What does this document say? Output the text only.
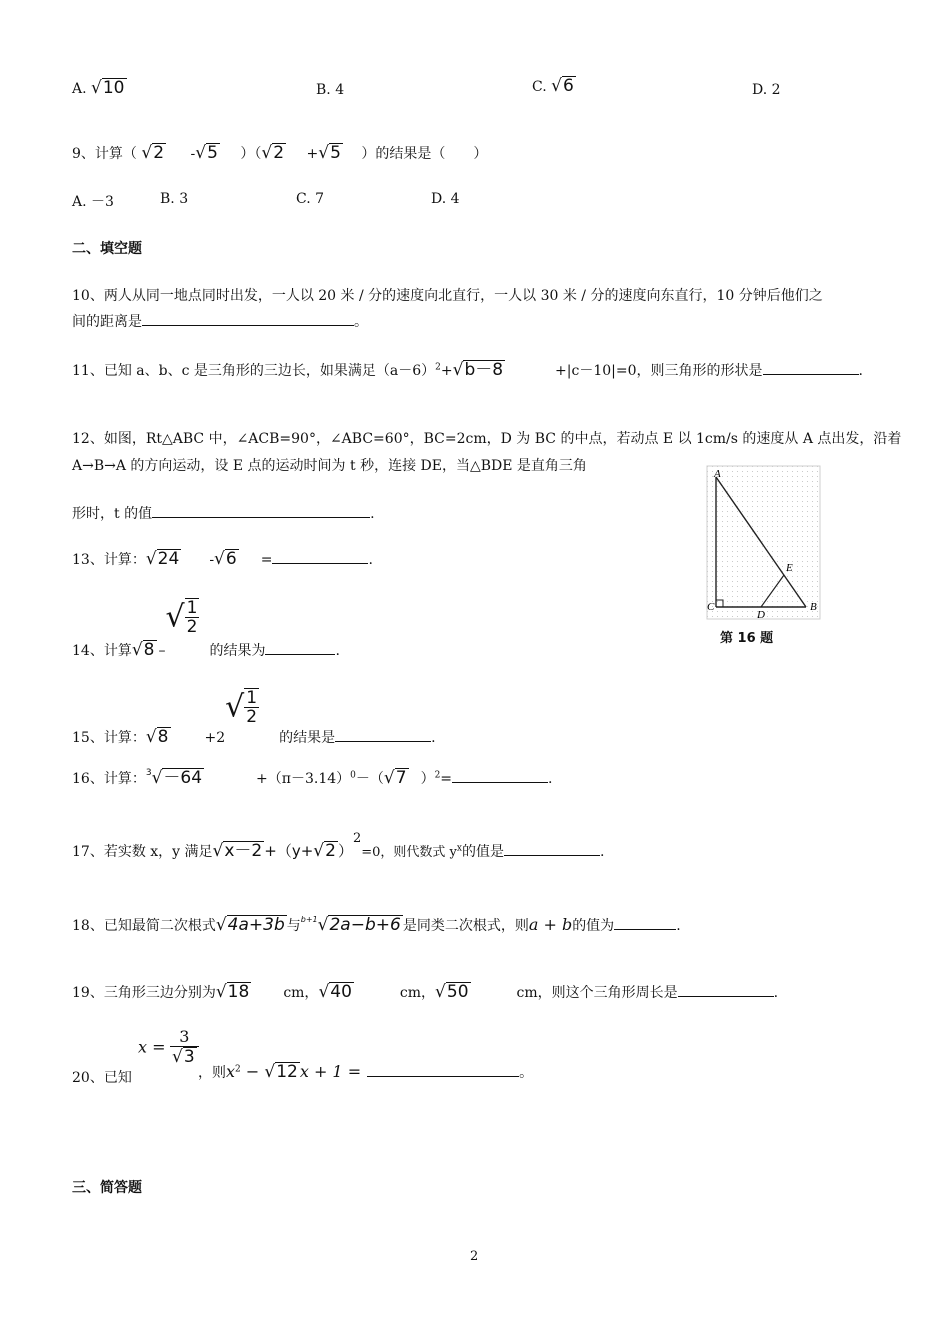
A. √10	B. 4	C. √6	D. 2
9、计算（ √2 -√5 ）（√2 +√5 ）的结果是（　　）
A. －3	B. 3	C. 7	D. 4
二、填空题
10、两人从同一地点同时出发，一人以 20 米 / 分的速度向北直行，一人以 30 米 / 分的速度向东直行，10 分钟后他们之
间的距离是	。
11、已知 a、b、c 是三角形的三边长，如果满足$(a-6)^2+√b-8$	+|c－10|=0，则三角形的形状是	.
12、如图，Rt△ABC 中，∠ACB=90°，∠ABC=60°，BC=2cm，D 为 BC 的中点，若动点 E 以 1cm/s 的速度从 A 点出发，沿着
A→B→A 的方向运动，设 E 点的运动时间为 t 秒，连接 DE，当△BDE 是直角三角
形时，t 的值	.
A
C	B
D
E
第 16 题
13、计算：√24 -√6 =	.
14、计算√8 –√ $\frac{1}{2}$
的结果为	.
15、计算：√8	$+2√ \frac{1}{2}$
的结果是	.
16、计算：$^3$√－64	$+(\pi-3.14)^0-(√7$ ）$^2$=	.
17、若实数 x，y 满足√x－2 +（y+√2 ）2=0，则代数式 $y^x$的值是	.
18、已知最简二次根式√4a+3b 与$^{b+1}$√2a−b+6 是同类二次根式，则a + b的值为	.
19、三角形三边分别为√18 cm，√40	cm，√50	cm，则这个三角形周长是	.
20、已知
$x = \frac{3}{√3}$
，则$x^2 - √12$ x + 1 =	。
三、简答题
2
